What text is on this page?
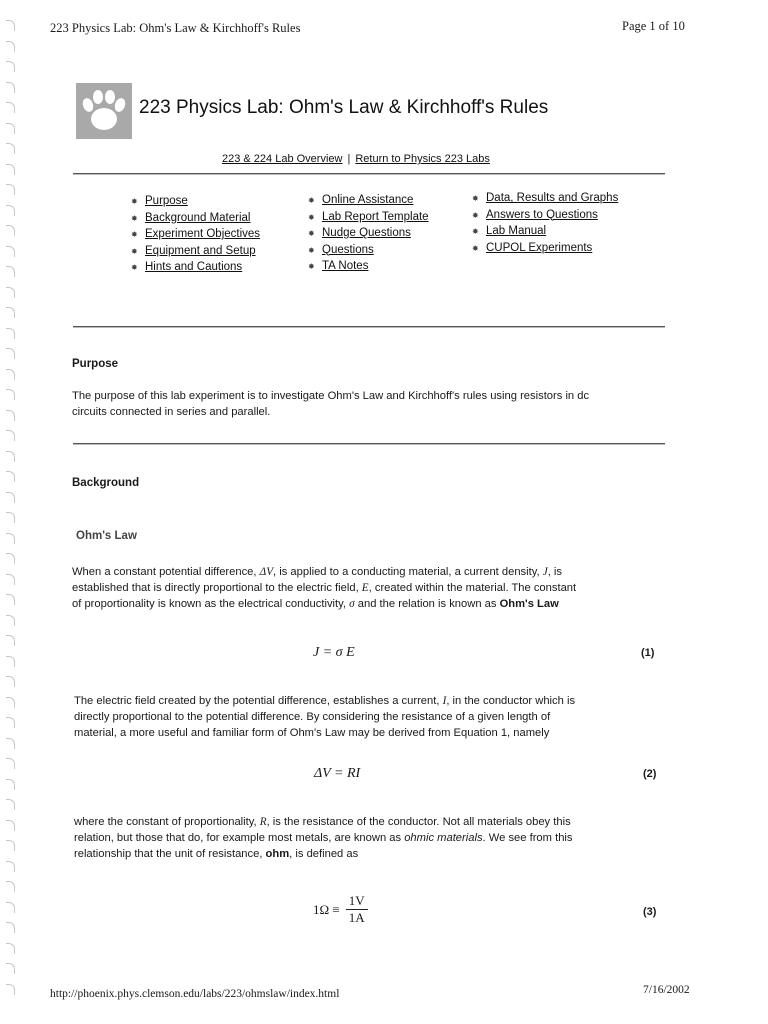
223 Physics Lab: Ohm's Law & Kirchhoff's Rules	Page 1 of 10
223 Physics Lab: Ohm's Law & Kirchhoff's Rules
223 & 224 Lab Overview | Return to Physics 223 Labs
✸ Purpose
✸ Background Material
✸ Experiment Objectives
✸ Equipment and Setup
✸ Hints and Cautions
✸ Online Assistance
✸ Lab Report Template
✸ Nudge Questions
✸ Questions
✸ TA Notes
✸ Data, Results and Graphs
✸ Answers to Questions
✸ Lab Manual
✸ CUPOL Experiments
Purpose
The purpose of this lab experiment is to investigate Ohm's Law and Kirchhoff's rules using resistors in dc
circuits connected in series and parallel.
Background
Ohm's Law
When a constant potential difference, ΔV, is applied to a conducting material, a current density, J, is
established that is directly proportional to the electric field, E, created within the material. The constant
of proportionality is known as the electrical conductivity, σ and the relation is known as Ohm's Law
J = σ E	(1)
The electric field created by the potential difference, establishes a current, I, in the conductor which is
directly proportional to the potential difference. By considering the resistance of a given length of
material, a more useful and familiar form of Ohm's Law may be derived from Equation 1, namely
ΔV = RI	(2)
where the constant of proportionality, R, is the resistance of the conductor. Not all materials obey this
relation, but those that do, for example most metals, are known as ohmic materials. We see from this
relationship that the unit of resistance, ohm, is defined as
1Ω ≡
1V
1A	(3)
http://phoenix.phys.clemson.edu/labs/223/ohmslaw/index.html	7/16/2002
